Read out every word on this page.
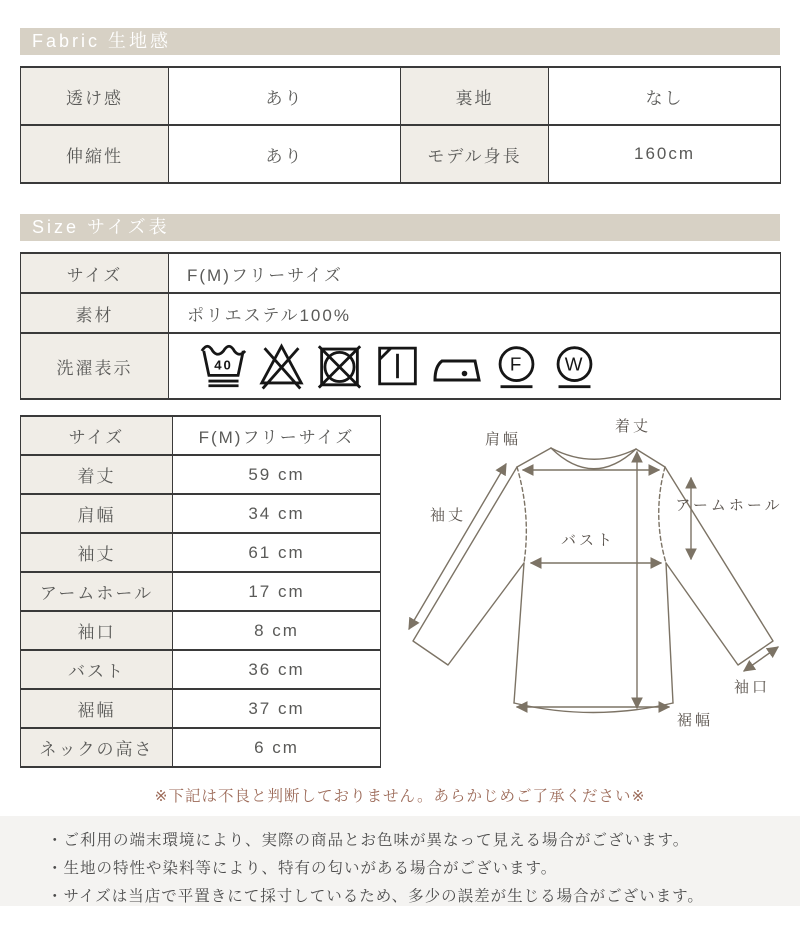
Fabric 生地感
透け感	あり	裏地	なし
伸縮性	あり	モデル身長	160cm
Size サイズ表
サイズ	F(M)フリーサイズ
素材	ポリエステル100%
洗濯表示	40 F W
サイズ	F(M)フリーサイズ
着丈	59 cm
肩幅	34 cm
袖丈	61 cm
アームホール	17 cm
袖口	8 cm
バスト	36 cm
裾幅	37 cm
ネックの高さ	6 cm
肩幅
着丈
袖丈
アームホール
バスト
袖口
裾幅
※下記は不良と判断しておりません。あらかじめご了承ください※
・ご利用の端末環境により、実際の商品とお色味が異なって見える場合がございます。
・生地の特性や染料等により、特有の匂いがある場合がございます。
・サイズは当店で平置きにて採寸しているため、多少の誤差が生じる場合がございます。
